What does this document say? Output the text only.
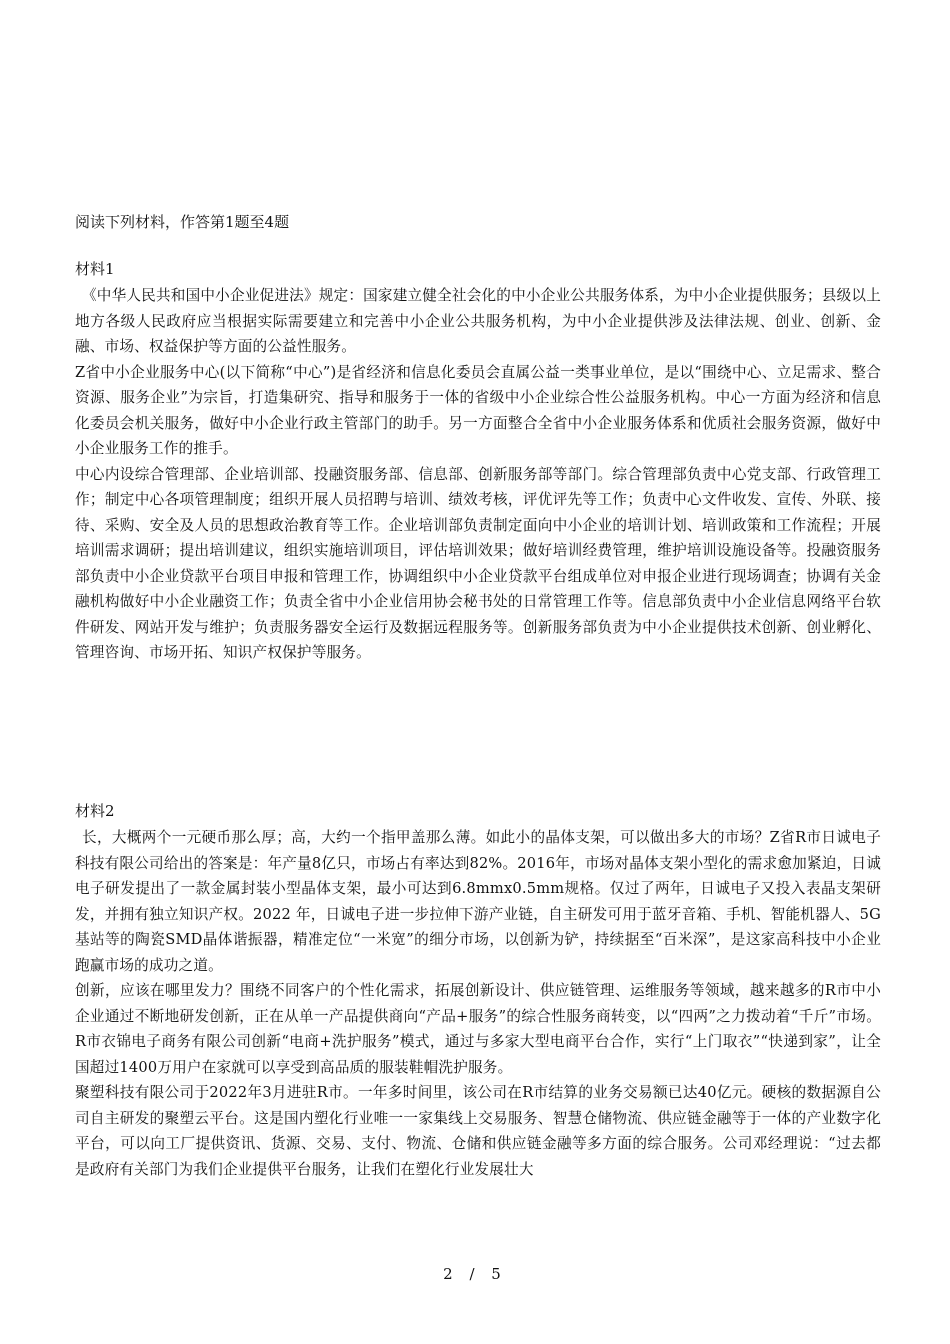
阅读下列材料，作答第1题至4题
材料1

《中华人民共和国中小企业促进法》规定：国家建立健全社会化的中小企业公共服务体系，为中小企业提供服务；县级以上地方各级人民政府应当根据实际需要建立和完善中小企业公共服务机构，为中小企业提供涉及法律法规、创业、创新、金融、市场、权益保护等方面的公益性服务。

Z省中小企业服务中心(以下简称“中心”)是省经济和信息化委员会直属公益一类事业单位，是以“围绕中心、立足需求、整合资源、服务企业”为宗旨，打造集研究、指导和服务于一体的省级中小企业综合性公益服务机构。中心一方面为经济和信息化委员会机关服务，做好中小企业行政主管部门的助手。另一方面整合全省中小企业服务体系和优质社会服务资源，做好中小企业服务工作的推手。

中心内设综合管理部、企业培训部、投融资服务部、信息部、创新服务部等部门。综合管理部负责中心党支部、行政管理工作；制定中心各项管理制度；组织开展人员招聘与培训、绩效考核，评优评先等工作；负责中心文件收发、宣传、外联、接待、采购、安全及人员的思想政治教育等工作。企业培训部负责制定面向中小企业的培训计划、培训政策和工作流程；开展培训需求调研；提出培训建议，组织实施培训项目，评估培训效果；做好培训经费管理，维护培训设施设备等。投融资服务部负责中小企业贷款平台项目申报和管理工作，协调组织中小企业贷款平台组成单位对申报企业进行现场调查；协调有关金融机构做好中小企业融资工作；负责全省中小企业信用协会秘书处的日常管理工作等。信息部负责中小企业信息网络平台软件研发、网站开发与维护；负责服务器安全运行及数据远程服务等。创新服务部负责为中小企业提供技术创新、创业孵化、管理咨询、市场开拓、知识产权保护等服务。

材料2

长，大概两个一元硬币那么厚；高，大约一个指甲盖那么薄。如此小的晶体支架，可以做出多大的市场？Z省R市日诚电子科技有限公司给出的答案是：年产量8亿只，市场占有率达到82%。2016年，市场对晶体支架小型化的需求愈加紧迫，日诚电子研发提出了一款金属封装小型晶体支架，最小可达到6.8mmx0.5mm规格。仅过了两年，日诚电子又投入表晶支架研发，并拥有独立知识产权。2022 年，日诚电子进一步拉伸下游产业链，自主研发可用于蓝牙音箱、手机、智能机器人、5G基站等的陶瓷SMD晶体谐振器，精准定位“一米宽”的细分市场，以创新为铲，持续据至“百米深”，是这家高科技中小企业跑赢市场的成功之道。

创新，应该在哪里发力？围绕不同客户的个性化需求，拓展创新设计、供应链管理、运维服务等领域，越来越多的R市中小企业通过不断地研发创新，正在从单一产品提供商向“产品+服务”的综合性服务商转变，以“四两”之力拨动着“千斤”市场。R市衣锦电子商务有限公司创新“电商+洗护服务”模式，通过与多家大型电商平台合作，实行“上门取衣”“快递到家”，让全国超过1400万用户在家就可以享受到高品质的服装鞋帽洗护服务。

聚塑科技有限公司于2022年3月进驻R市。一年多时间里，该公司在R市结算的业务交易额已达40亿元。硬核的数据源自公司自主研发的聚塑云平台。这是国内塑化行业唯一一家集线上交易服务、智慧仓储物流、供应链金融等于一体的产业数字化平台，可以向工厂提供资讯、货源、交易、支付、物流、仓储和供应链金融等多方面的综合服务。公司邓经理说：“过去都是政府有关部门为我们企业提供平台服务，让我们在塑化行业发展壮大

2 / 5
